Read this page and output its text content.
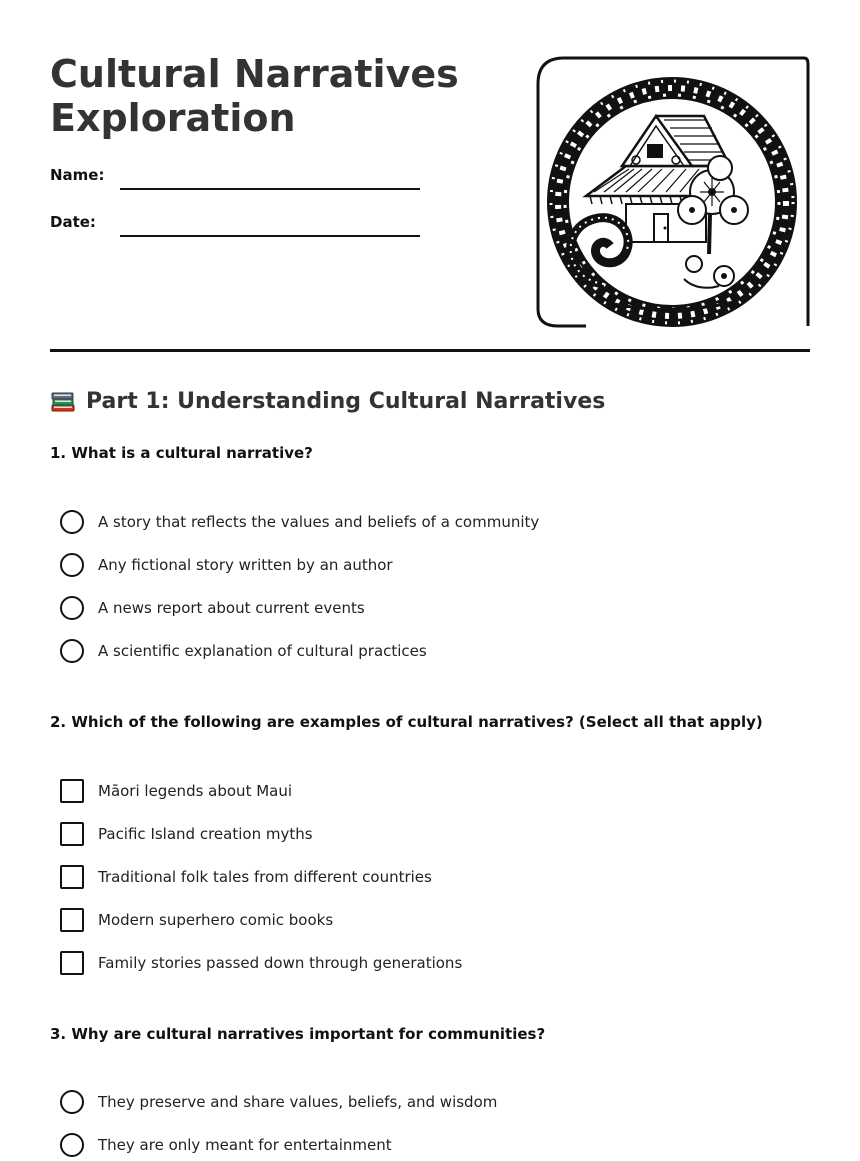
Cultural Narratives
Exploration
Name:
Date:
Part 1: Understanding Cultural Narratives
1. What is a cultural narrative?
A story that reflects the values and beliefs of a community
Any fictional story written by an author
A news report about current events
A scientific explanation of cultural practices
2. Which of the following are examples of cultural narratives? (Select all that apply)
Māori legends about Maui
Pacific Island creation myths
Traditional folk tales from different countries
Modern superhero comic books
Family stories passed down through generations
3. Why are cultural narratives important for communities?
They preserve and share values, beliefs, and wisdom
They are only meant for entertainment
